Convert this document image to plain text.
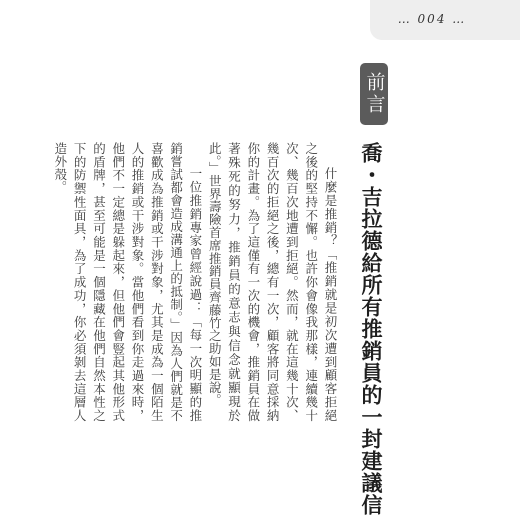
… 004 …
前言
喬・吉拉德給所有推銷員的一封建議信

什麼是推銷？「推銷就是初次遭到顧客拒絕之後的堅持不懈。也許你會像我那樣，連續幾十次、幾百次地遭到拒絕。然而，就在這幾十次、幾百次的拒絕之後，總有一次，顧客將同意採納你的計畫。為了這僅有一次的機會，推銷員在做著殊死的努力，推銷員的意志與信念就顯現於此。」世界壽險首席推銷員齊藤竹之助如是說。

一位推銷專家曾經說過：「每一次明顯的推銷嘗試都會造成溝通上的抵制。」因為人們就是不喜歡成為推銷或干涉對象，尤其是成為一個陌生人的推銷或干涉對象。當他們看到你走過來時，他們不一定總是躲起來，但他們會豎起其他形式的盾牌，甚至可能是一個隱藏在他們自然本性之下的防禦性面具，為了成功，你必須剝去這層人造外殼。
